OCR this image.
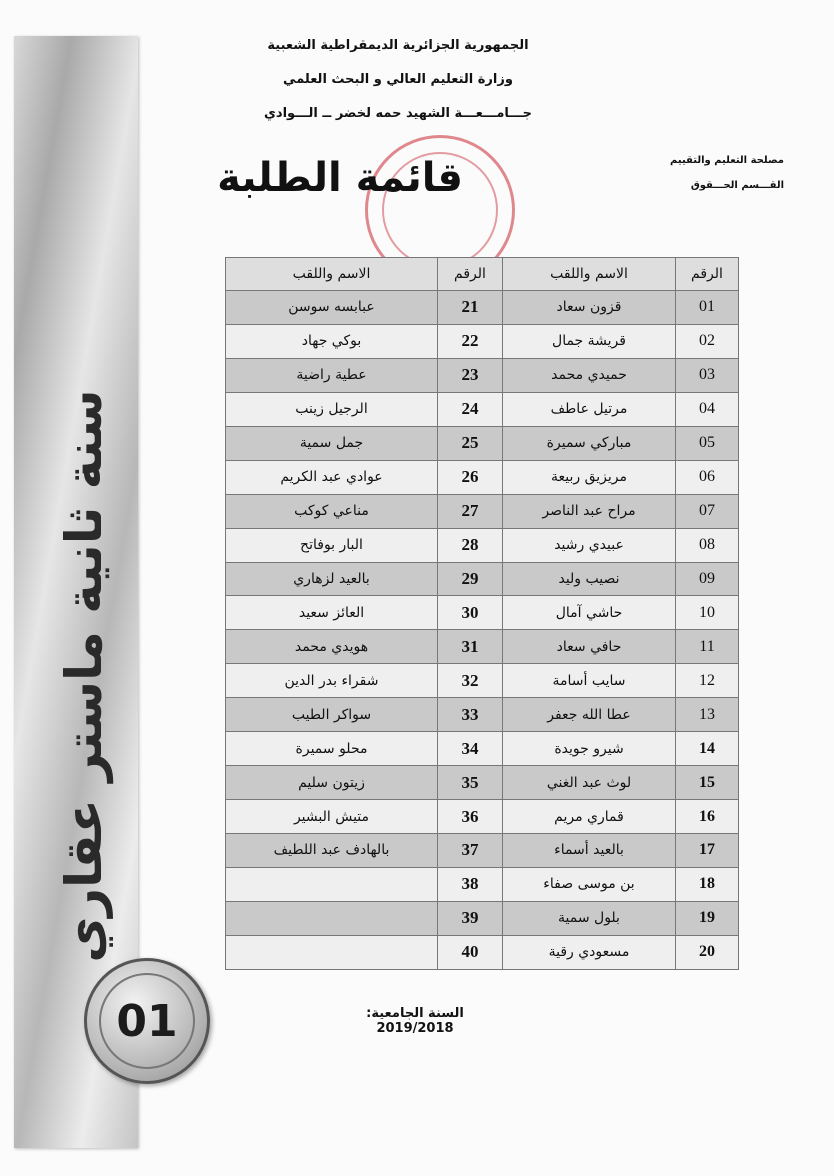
سنة ثانية ماستر عقاري
01
الجمهورية الجزائرية الديمقراطية الشعبية
وزارة التعليم العالي و البحث العلمي
جـــامـــعـــة الشهيد حمه لخضر ــ الـــوادي
مصلحة التعليم والتقييم
القـــسم الحـــقوق
قائمة الطلبة
الرقم	الاسم واللقب	الرقم	الاسم واللقب
01	قزون سعاد	21	عبابسه سوسن
02	قريشة جمال	22	بوكي جهاد
03	حميدي محمد	23	عطية راضية
04	مرتيل عاطف	24	الرجيل زينب
05	مباركي سميرة	25	جمل سمية
06	مريزيق ربيعة	26	عوادي عبد الكريم
07	مراح عبد الناصر	27	مناعي كوكب
08	عبيدي رشيد	28	البار بوفاتح
09	نصيب وليد	29	بالعيد لزهاري
10	حاشي آمال	30	العائز سعيد
11	حافي سعاد	31	هويدي محمد
12	سايب أسامة	32	شقراء بدر الدين
13	عطا الله جعفر	33	سواكر الطيب
14	شيرو جويدة	34	محلو سميرة
15	لوث عبد الغني	35	زيتون سليم
16	قماري مريم	36	متيش البشير
17	بالعيد أسماء	37	بالهادف عبد اللطيف
18	بن موسى صفاء	38	
19	بلول سمية	39	
20	مسعودي رقية	40	
السنة الجامعية: 2019/2018
